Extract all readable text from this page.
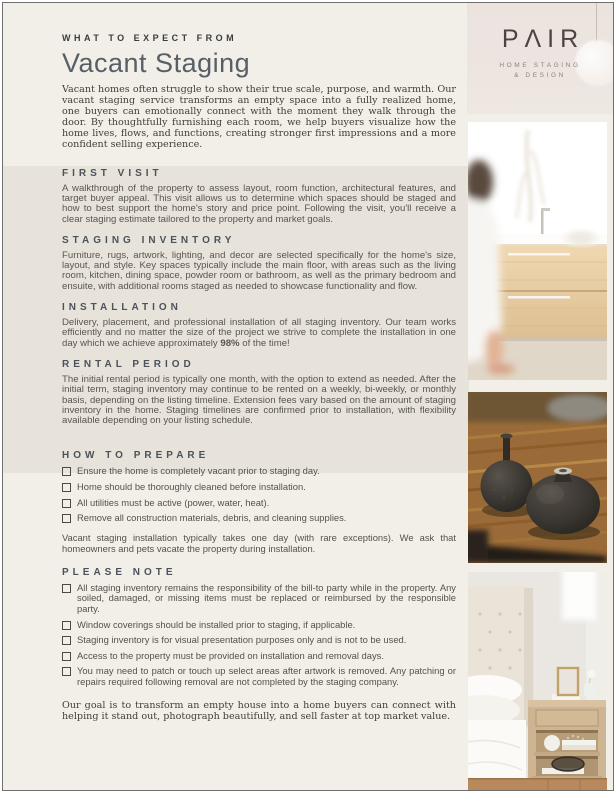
WHAT TO EXPECT FROM
Vacant Staging

Vacant homes often struggle to show their true scale, purpose, and warmth. Our vacant staging service transforms an empty space into a fully realized home, one buyers can emotionally connect with the moment they walk through the door. By thoughtfully furnishing each room, we help buyers visualize how the home lives, flows, and functions, creating stronger first impressions and a more confident selling experience.

FIRST VISIT

A walkthrough of the property to assess layout, room function, architectural features, and target buyer appeal. This visit allows us to determine which spaces should be staged and how to best support the home's story and price point. Following the visit, you'll receive a clear staging estimate tailored to the property and market goals.

STAGING INVENTORY

Furniture, rugs, artwork, lighting, and decor are selected specifically for the home's size, layout, and style. Key spaces typically include the main floor, with areas such as the living room, kitchen, dining space, powder room or bathroom, as well as the primary bedroom and ensuite, with additional rooms staged as needed to showcase functionality and flow.

INSTALLATION

Delivery, placement, and professional installation of all staging inventory. Our team works efficiently and no matter the size of the project we strive to complete the installation in one day which we achieve approximately 98% of the time!

RENTAL PERIOD

The initial rental period is typically one month, with the option to extend as needed. After the initial term, staging inventory may continue to be rented on a weekly, bi-weekly, or monthly basis, depending on the listing timeline. Extension fees vary based on the amount of staging inventory in the home. Staging timelines are confirmed prior to installation, with flexibility available depending on your listing schedule.

HOW TO PREPARE
Ensure the home is completely vacant prior to staging day.
Home should be thoroughly cleaned before installation.
All utilities must be active (power, water, heat).
Remove all construction materials, debris, and cleaning supplies.

Vacant staging installation typically takes one day (with rare exceptions). We ask that homeowners and pets vacate the property during installation.

PLEASE NOTE
All staging inventory remains the responsibility of the bill-to party while in the property. Any soiled, damaged, or missing items must be replaced or reimbursed by the responsible party.
Window coverings should be installed prior to staging, if applicable.
Staging inventory is for visual presentation purposes only and is not to be used.
Access to the property must be provided on installation and removal days.
You may need to patch or touch up select areas after artwork is removed. Any patching or repairs required following removal are not completed by the staging company.

Our goal is to transform an empty house into a home buyers can connect with helping it stand out, photograph beautifully, and sell faster at top market value.

PΛIR
HOME STAGING
& DESIGN
